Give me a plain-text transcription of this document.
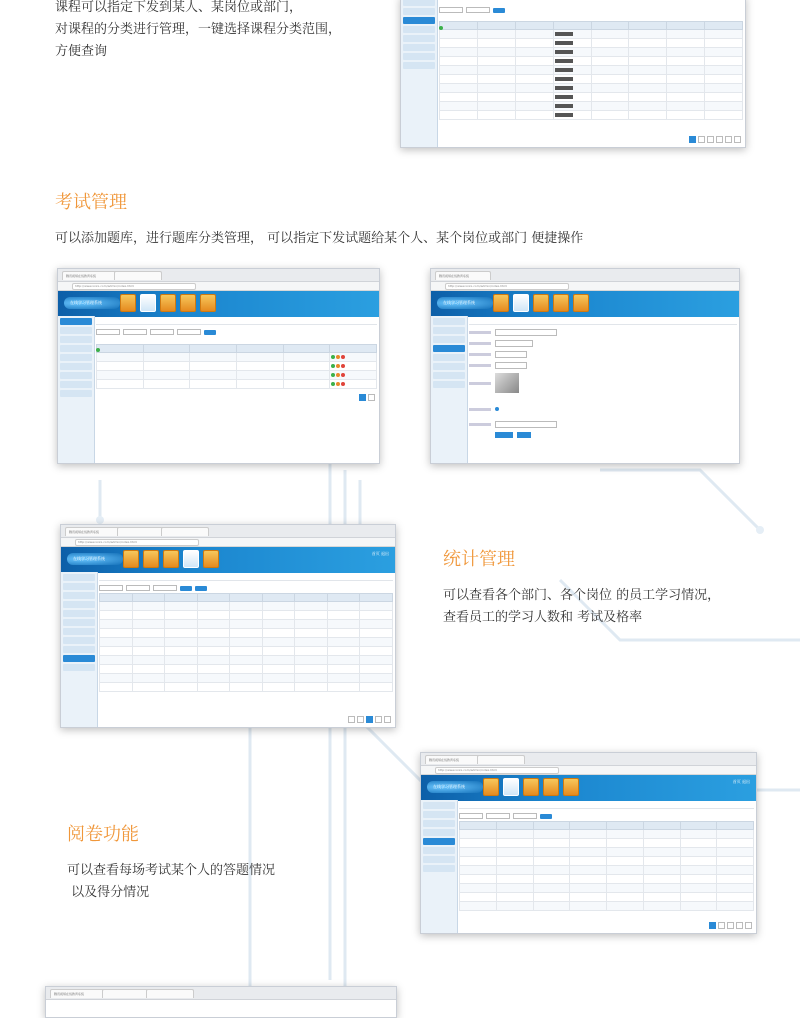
课程可以指定下发到某人、某岗位或部门，

对课程的分类进行管理，一键选择课程分类范围，

方便查询

考试管理

可以添加题库，进行题库分类管理， 可以指定下发试题给某个人、某个岗位或部门 便捷操作

腾讯视频在线教育系统
http://www.xxxx.com/admin/index.html
在线学习管理系统

腾讯视频在线教育系统
http://www.xxxx.com/admin/index.html
在线学习管理系统
腾讯视频在线教育系统
http://www.xxxx.com/admin/index.html
在线学习管理系统
首页 退出

									统计管理

可以查看各个部门、各个岗位 的员工学习情况，

查看员工的学习人数和 考试及格率

阅卷功能

可以查看每场考试某个人的答题情况

以及得分情况

腾讯视频在线教育系统
http://www.xxxx.com/admin/index.html
在线学习管理系统
首页 退出

腾讯视频在线教育系统
